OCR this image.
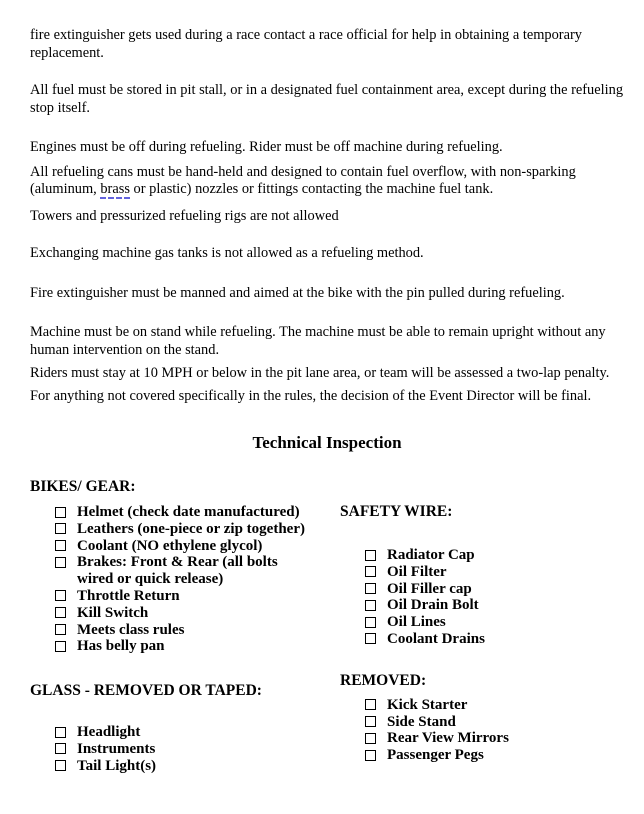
fire extinguisher gets used during a race contact a race official for help in obtaining a temporary replacement.

All fuel must be stored in pit stall, or in a designated fuel containment area, except during the refueling stop itself.

Engines must be off during refueling. Rider must be off machine during refueling.

All refueling cans must be hand-held and designed to contain fuel overflow, with non-sparking (aluminum, brass or plastic) nozzles or fittings contacting the machine fuel tank.

Towers and pressurized refueling rigs are not allowed

Exchanging machine gas tanks is not allowed as a refueling method.

Fire extinguisher must be manned and aimed at the bike with the pin pulled during refueling.

Machine must be on stand while refueling. The machine must be able to remain upright without any human intervention on the stand.

Riders must stay at 10 MPH or below in the pit lane area, or team will be assessed a two-lap penalty.

For anything not covered specifically in the rules, the decision of the Event Director will be final.

Technical Inspection
BIKES/ GEAR:
Helmet (check date manufactured)
Leathers (one-piece or zip together)
Coolant (NO ethylene glycol)
Brakes: Front & Rear (all bolts wired or quick release)
Throttle Return
Kill Switch
Meets class rules
Has belly pan
GLASS - REMOVED OR TAPED:
Headlight
Instruments
Tail Light(s)
SAFETY WIRE:
Radiator Cap
Oil Filter
Oil Filler cap
Oil Drain Bolt
Oil Lines
Coolant Drains
REMOVED:
Kick Starter
Side Stand
Rear View Mirrors
Passenger Pegs
